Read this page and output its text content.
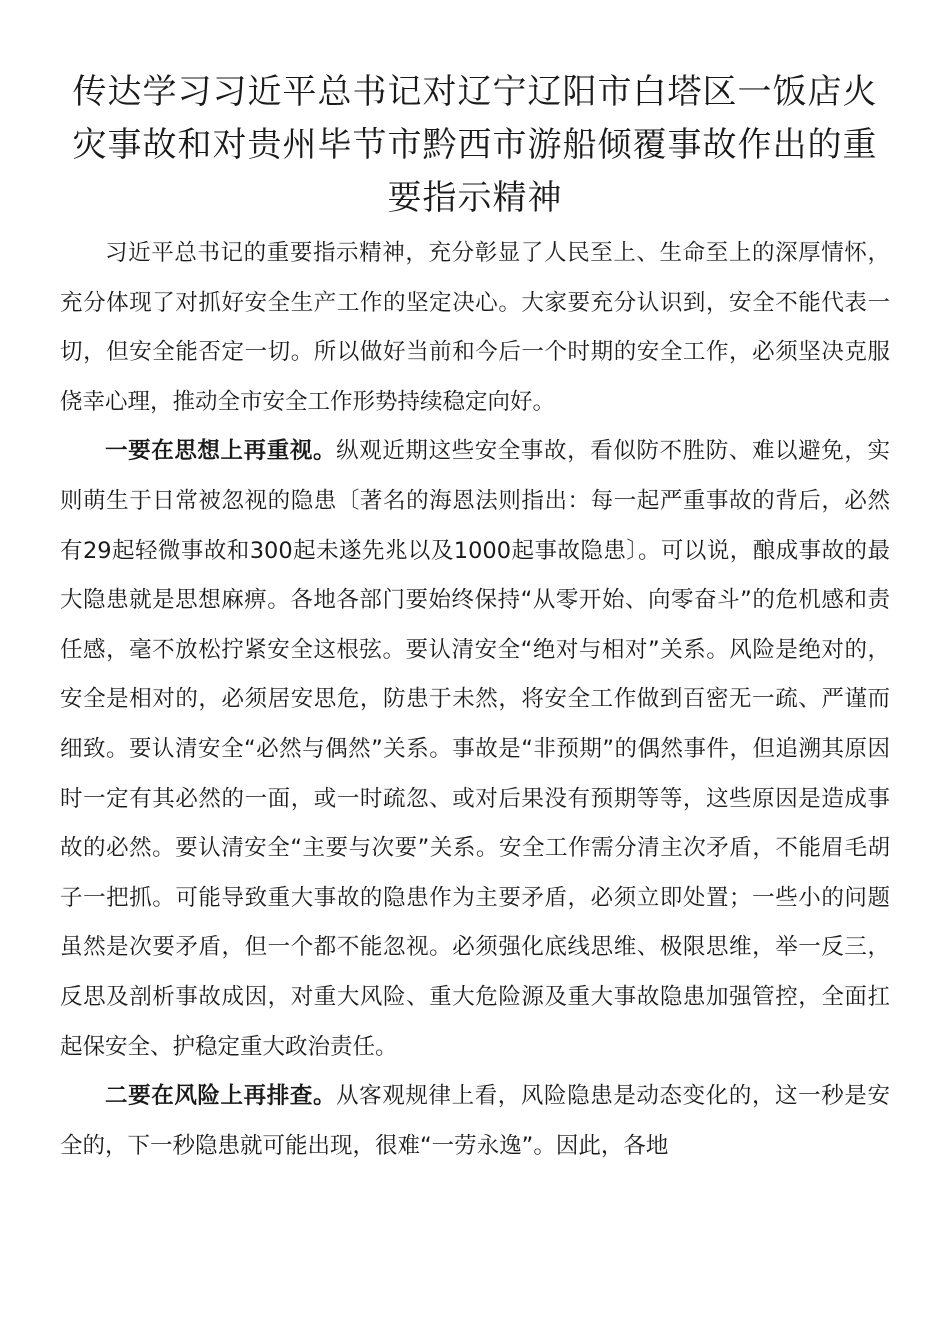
传达学习习近平总书记对辽宁辽阳市白塔区一饭店火灾事故和对贵州毕节市黔西市游船倾覆事故作出的重要指示精神

习近平总书记的重要指示精神，充分彰显了人民至上、生命至上的深厚情怀，充分体现了对抓好安全生产工作的坚定决心。大家要充分认识到，安全不能代表一切，但安全能否定一切。所以做好当前和今后一个时期的安全工作，必须坚决克服侥幸心理，推动全市安全工作形势持续稳定向好。

一要在思想上再重视。纵观近期这些安全事故，看似防不胜防、难以避免，实则萌生于日常被忽视的隐患〔著名的海恩法则指出：每一起严重事故的背后，必然有29起轻微事故和300起未遂先兆以及1000起事故隐患〕。可以说，酿成事故的最大隐患就是思想麻痹。各地各部门要始终保持“从零开始、向零奋斗”的危机感和责任感，毫不放松拧紧安全这根弦。要认清安全“绝对与相对”关系。风险是绝对的，安全是相对的，必须居安思危，防患于未然，将安全工作做到百密无一疏、严谨而细致。要认清安全“必然与偶然”关系。事故是“非预期”的偶然事件，但追溯其原因时一定有其必然的一面，或一时疏忽、或对后果没有预期等等，这些原因是造成事故的必然。要认清安全“主要与次要”关系。安全工作需分清主次矛盾，不能眉毛胡子一把抓。可能导致重大事故的隐患作为主要矛盾，必须立即处置；一些小的问题虽然是次要矛盾，但一个都不能忽视。必须强化底线思维、极限思维，举一反三，反思及剖析事故成因，对重大风险、重大危险源及重大事故隐患加强管控，全面扛起保安全、护稳定重大政治责任。

二要在风险上再排查。从客观规律上看，风险隐患是动态变化的，这一秒是安全的，下一秒隐患就可能出现，很难“一劳永逸”。因此，各地
